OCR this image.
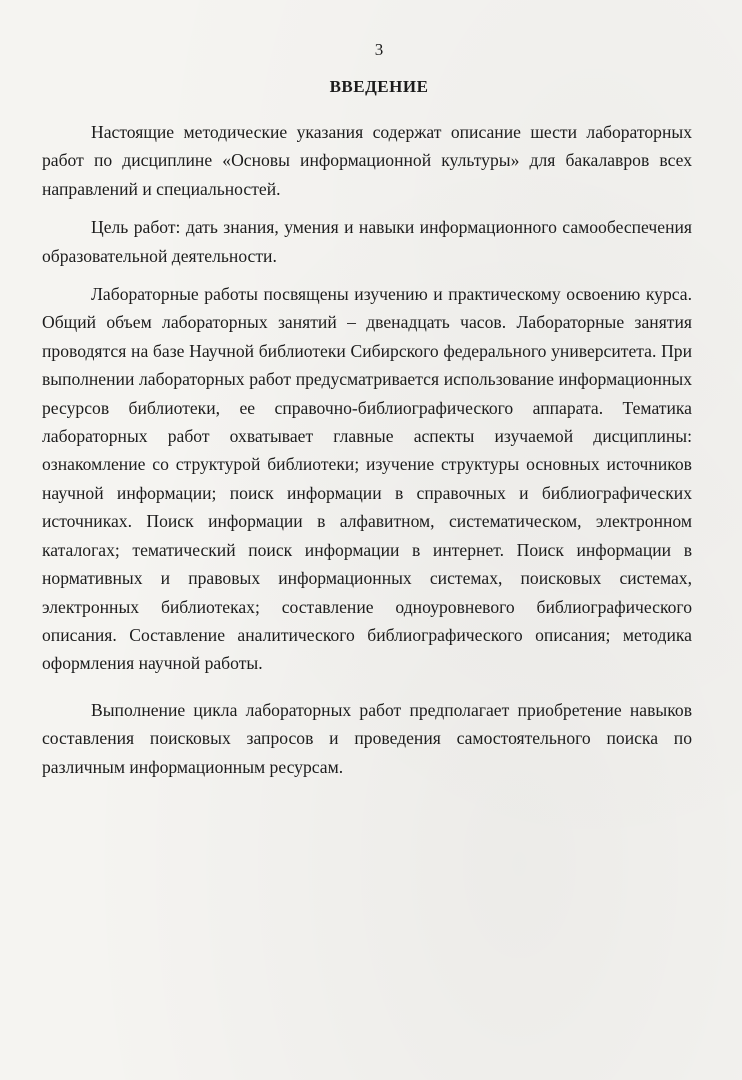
3
ВВЕДЕНИЕ

Настоящие методические указания содержат описание шести лабораторных работ по дисциплине «Основы информационной культуры» для бакалавров всех направлений и специальностей.

Цель работ: дать знания, умения и навыки информационного самообеспечения образовательной деятельности.

Лабораторные работы посвящены изучению и практическому освоению курса. Общий объем лабораторных занятий – двенадцать часов. Лабораторные занятия проводятся на базе Научной библиотеки Сибирского федерального университета. При выполнении лабораторных работ предусматривается использование информационных ресурсов библиотеки, ее справочно-библиографического аппарата. Тематика лабораторных работ охватывает главные аспекты изучаемой дисциплины: ознакомление со структурой библиотеки; изучение структуры основных источников научной информации; поиск информации в справочных и библиографических источниках. Поиск информации в алфавитном, систематическом, электронном каталогах; тематический поиск информации в интернет. Поиск информации в нормативных и правовых информационных системах, поисковых системах, электронных библиотеках; составление одноуровневого библиографического описания. Составление аналитического библиографического описания; методика оформления научной работы.

Выполнение цикла лабораторных работ предполагает приобретение навыков составления поисковых запросов и проведения самостоятельного поиска по различным информационным ресурсам.
